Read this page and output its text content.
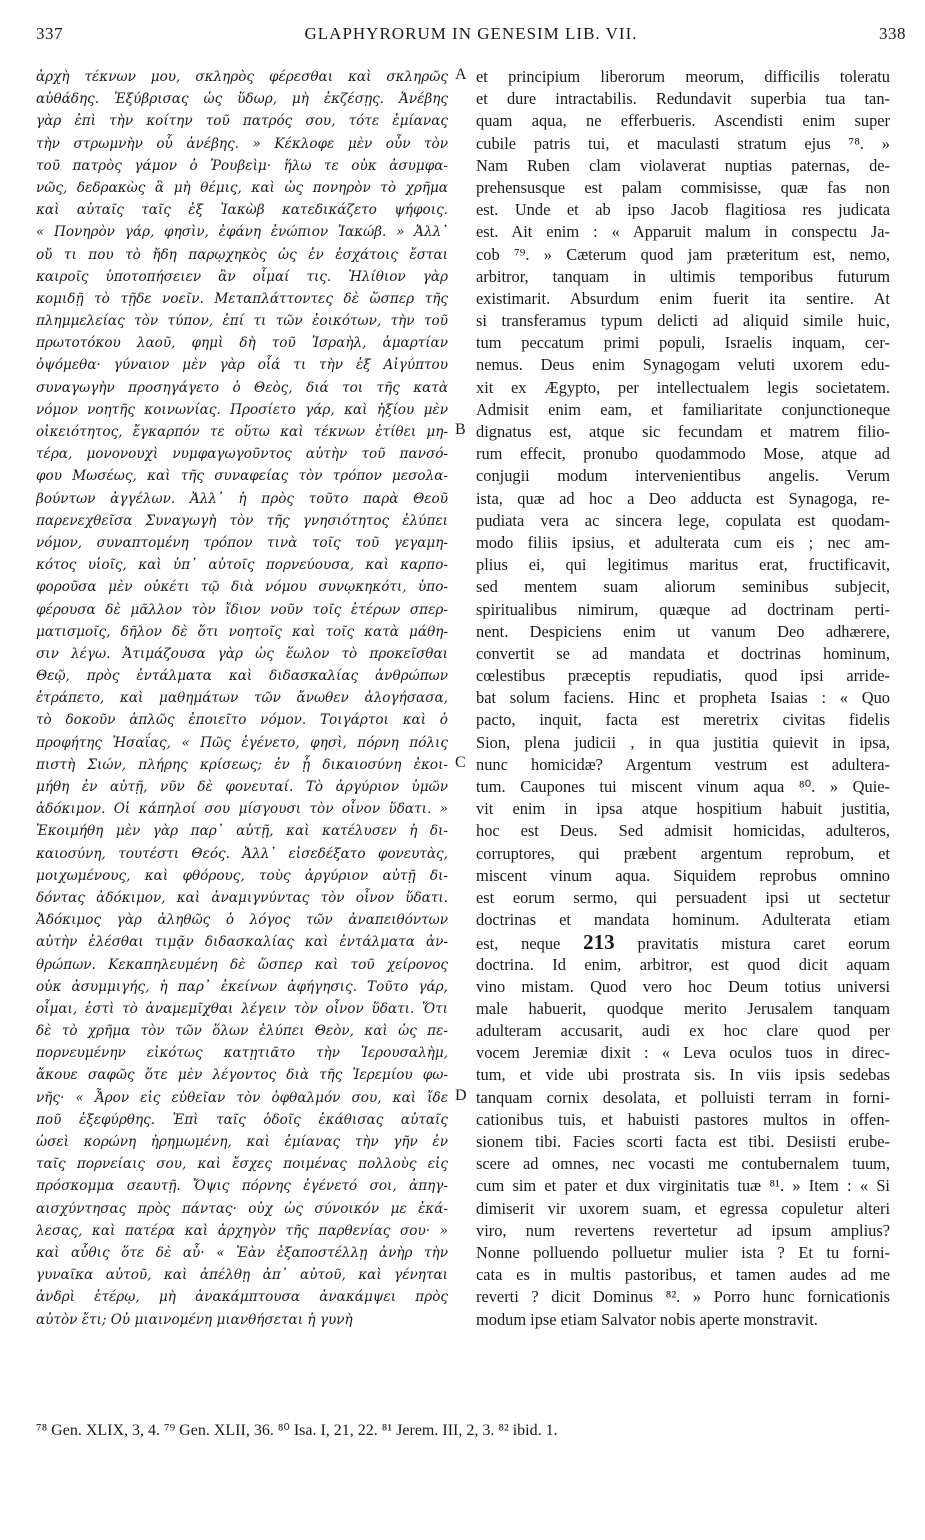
337	GLAPHYRORUM IN GENESIM LIB. VII.	338
ἀρχὴ τέκνων μου, σκληρὸς φέρεσθαι καὶ σκληρῶς
αὐθάδης. Ἐξύβρισας ὡς ὕδωρ, μὴ ἐκζέσῃς. Ἀνέβης
γὰρ ἐπὶ τὴν κοίτην τοῦ πατρός σου, τότε ἐμίανας
τὴν στρωμνὴν οὗ ἀνέβης. » Κέκλοφε μὲν οὖν τὸν
τοῦ πατρὸς γάμον ὁ Ῥουβεὶμ· ἥλω τε οὐκ ἀσυμφα-
νῶς, δεδρακὼς ἃ μὴ θέμις, καὶ ὡς πονηρὸν τὸ χρῆμα
καὶ αὐταῖς ταῖς ἐξ Ἰακὼβ κατεδικάζετο ψήφοις.
« Πονηρὸν γάρ, φησὶν, ἐφάνη ἐνώπιον Ἰακώβ. » Ἀλλ᾽
οὔ τι που τὸ ἤδη παρῳχηκὸς ὡς ἐν ἐσχάτοις ἔσται
καιροῖς ὑποτοπήσειεν ἂν οἶμαί τις. Ἠλίθιον γὰρ
κομιδῇ τὸ τῇδε νοεῖν. Μεταπλάττοντες δὲ ὥσπερ τῆς
πλημμελείας τὸν τύπον, ἐπί τι τῶν ἐοικότων, τὴν τοῦ
πρωτοτόκου λαοῦ, φημὶ δὴ τοῦ Ἰσραὴλ, ἁμαρτίαν
ὀψόμεθα· γύναιον μὲν γὰρ οἷά τι τὴν ἐξ Αἰγύπτου
συναγωγὴν προσηγάγετο ὁ Θεὸς, διά τοι τῆς κατὰ
νόμον νοητῆς κοινωνίας. Προσίετο γάρ, καὶ ἠξίου μὲν
οἰκειότητος, ἔγκαρπόν τε οὕτω καὶ τέκνων ἐτίθει μη-
τέρα, μονονουχὶ νυμφαγωγοῦντος αὐτὴν τοῦ πανσό-
φου Μωσέως, καὶ τῆς συναφείας τὸν τρόπον μεσολα-
βούντων ἀγγέλων. Ἀλλ᾽ ἡ πρὸς τοῦτο παρὰ Θεοῦ
παρενεχθεῖσα Συναγωγὴ τὸν τῆς γνησιότητος ἐλύπει
νόμον, συναπτομένη τρόπον τινὰ τοῖς τοῦ γεγαμη-
κότος υἱοῖς, καὶ ὑπ᾽ αὐτοῖς πορνεύουσα, καὶ καρπο-
φοροῦσα μὲν οὐκέτι τῷ διὰ νόμου συνῳκηκότι, ὑπο-
φέρουσα δὲ μᾶλλον τὸν ἴδιον νοῦν τοῖς ἑτέρων σπερ-
ματισμοῖς, δῆλον δὲ ὅτι νοητοῖς καὶ τοῖς κατὰ μάθη-
σιν λέγω. Ἀτιμάζουσα γὰρ ὡς ἕωλον τὸ προκεῖσθαι
Θεῷ, πρὸς ἐντάλματα καὶ διδασκαλίας ἀνθρώπων
ἐτράπετο, καὶ μαθημάτων τῶν ἄνωθεν ἀλογήσασα,
τὸ δοκοῦν ἁπλῶς ἐποιεῖτο νόμον. Τοιγάρτοι καὶ ὁ
προφήτης Ἡσαΐας, « Πῶς ἐγένετο, φησὶ, πόρνη πόλις
πιστὴ Σιών, πλήρης κρίσεως; ἐν ᾗ δικαιοσύνη ἐκοι-
μήθη ἐν αὐτῇ, νῦν δὲ φονευταί. Τὸ ἀργύριον ὑμῶν
ἀδόκιμον. Οἱ κάπηλοί σου μίσγουσι τὸν οἶνον ὕδατι. »
Ἐκοιμήθη μὲν γὰρ παρ᾽ αὐτῇ, καὶ κατέλυσεν ἡ δι-
καιοσύνη, τουτέστι Θεός. Ἀλλ᾽ εἰσεδέξατο φονευτὰς,
μοιχωμένους, καὶ φθόρους, τοὺς ἀργύριον αὐτῇ δι-
δόντας ἀδόκιμον, καὶ ἀναμιγνύντας τὸν οἶνον ὕδατι.
Ἀδόκιμος γὰρ ἀληθῶς ὁ λόγος τῶν ἀναπειθόντων
αὐτὴν ἑλέσθαι τιμᾷν διδασκαλίας καὶ ἐντάλματα ἀν-
θρώπων. Κεκαπηλευμένη δὲ ὥσπερ καὶ τοῦ χείρονος
οὐκ ἀσυμμιγής, ἡ παρ᾽ ἐκείνων ἀφήγησις. Τοῦτο γάρ,
οἶμαι, ἐστὶ τὸ ἀναμεμῖχθαι λέγειν τὸν οἶνον ὕδατι. Ὅτι
δὲ τὸ χρῆμα τὸν τῶν ὅλων ἐλύπει Θεὸν, καὶ ὡς πε-
πορνευμένην εἰκότως κατῃτιᾶτο τὴν Ἱερουσαλὴμ,
ἄκουε σαφῶς ὅτε μὲν λέγοντος διὰ τῆς Ἱερεμίου φω-
νῆς· « Ἆρον εἰς εὐθεῖαν τὸν ὀφθαλμόν σου, καὶ ἴδε
ποῦ ἐξεφύρθης. Ἐπὶ ταῖς ὁδοῖς ἐκάθισας αὐταῖς
ὡσεὶ κορώνη ἠρημωμένη, καὶ ἐμίανας τὴν γῆν ἐν
ταῖς πορνείαις σου, καὶ ἔσχες ποιμένας πολλοὺς εἰς
πρόσκομμα σεαυτῇ. Ὄψις πόρνης ἐγένετό σοι, ἀπηγ-
αισχύντησας πρὸς πάντας· οὐχ ὡς σύνοικόν με ἐκά-
λεσας, καὶ πατέρα καὶ ἀρχηγὸν τῆς παρθενίας σου· »
καὶ αὖθις ὅτε δὲ αὖ· « Ἐὰν ἐξαποστέλλῃ ἀνὴρ τὴν
γυναῖκα αὐτοῦ, καὶ ἀπέλθῃ ἀπ᾽ αὐτοῦ, καὶ γένηται
ἀνδρὶ ἑτέρῳ, μὴ ἀνακάμπτουσα ἀνακάμψει πρὸς
αὐτὸν ἔτι; Οὐ μιαινομένη μιανθήσεται ἡ γυνὴ
et principium liberorum meorum, difficilis toleratu
et dure intractabilis. Redundavit superbia tua tan-
quam aqua, ne efferbueris. Ascendisti enim super
cubile patris tui, et maculasti stratum ejus ⁷⁸. »
Nam Ruben clam violaverat nuptias paternas, de-
prehensusque est palam commisisse, quæ fas non
est. Unde et ab ipso Jacob flagitiosa res judicata
est. Ait enim : « Apparuit malum in conspectu Ja-
cob ⁷⁹. » Cæterum quod jam præteritum est, nemo,
arbitror, tanquam in ultimis temporibus futurum
existimarit. Absurdum enim fuerit ita sentire. At
si transferamus typum delicti ad aliquid simile huic,
tum peccatum primi populi, Israelis inquam, cer-
nemus. Deus enim Synagogam veluti uxorem edu-
xit ex Ægypto, per intellectualem legis societatem.
Admisit enim eam, et familiaritate conjunctioneque
dignatus est, atque sic fecundam et matrem filio-
rum effecit, pronubo quodammodo Mose, atque ad
conjugii modum intervenientibus angelis. Verum
ista, quæ ad hoc a Deo adducta est Synagoga, re-
pudiata vera ac sincera lege, copulata est quodam-
modo filiis ipsius, et adulterata cum eis ; nec am-
plius ei, qui legitimus maritus erat, fructificavit,
sed mentem suam aliorum seminibus subjecit,
spiritualibus nimirum, quæque ad doctrinam perti-
nent. Despiciens enim ut vanum Deo adhærere,
convertit se ad mandata et doctrinas hominum,
cœlestibus præceptis repudiatis, quod ipsi arride-
bat solum faciens. Hinc et propheta Isaias : « Quo
pacto, inquit, facta est meretrix civitas fidelis
Sion, plena judicii , in qua justitia quievit in ipsa,
nunc homicidæ? Argentum vestrum est adultera-
tum. Caupones tui miscent vinum aqua ⁸⁰. » Quie-
vit enim in ipsa atque hospitium habuit justitia,
hoc est Deus. Sed admisit homicidas, adulteros,
corruptores, qui præbent argentum reprobum, et
miscent vinum aqua. Siquidem reprobus omnino
est eorum sermo, qui persuadent ipsi ut sectetur
doctrinas et mandata hominum. Adulterata etiam
est, neque 213 pravitatis mistura caret eorum
doctrina. Id enim, arbitror, est quod dicit aquam
vino mistam. Quod vero hoc Deum totius universi
male habuerit, quodque merito Jerusalem tanquam
adulteram accusarit, audi ex hoc clare quod per
vocem Jeremiæ dixit : « Leva oculos tuos in direc-
tum, et vide ubi prostrata sis. In viis ipsis sedebas
tanquam cornix desolata, et polluisti terram in forni-
cationibus tuis, et habuisti pastores multos in offen-
sionem tibi. Facies scorti facta est tibi. Desiisti erube-
scere ad omnes, nec vocasti me contubernalem tuum,
cum sim et pater et dux virginitatis tuæ ⁸¹. » Item : « Si
dimiserit vir uxorem suam, et egressa copuletur alteri
viro, num revertens revertetur ad ipsum amplius?
Nonne polluendo polluetur mulier ista ? Et tu forni-
cata es in multis pastoribus, et tamen audes ad me
reverti ? dicit Dominus ⁸². » Porro hunc fornicationis
modum ipse etiam Salvator nobis aperte monstravit.
A
B
C
D
⁷⁸ Gen. XLIX, 3, 4. ⁷⁹ Gen. XLII, 36. ⁸⁰ Isa. I, 21, 22. ⁸¹ Jerem. III, 2, 3. ⁸² ibid. 1.
